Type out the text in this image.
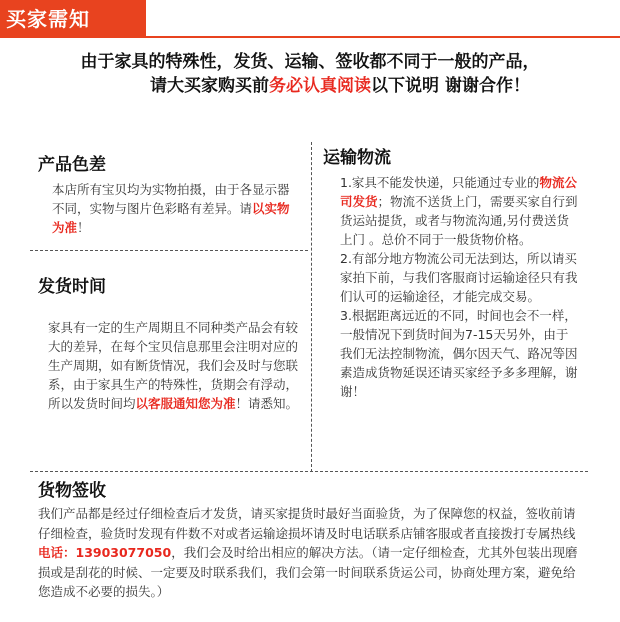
买家需知
由于家具的特殊性，发货、运输、签收都不同于一般的产品，
请大买家购买前务必认真阅读以下说明 谢谢合作！
产品色差
本店所有宝贝均为实物拍摄，由于各显示器不同，实物与图片色彩略有差异。请以实物为准！
发货时间
家具有一定的生产周期且不同种类产品会有较大的差异，在每个宝贝信息那里会注明对应的生产周期，如有断货情况，我们会及时与您联系，由于家具生产的特殊性，货期会有浮动，所以发货时间均以客服通知您为准！请悉知。
运输物流
1.家具不能发快递，只能通过专业的物流公司发货；物流不送货上门，需要买家自行到货运站提货，或者与物流沟通,另付费送货上门 。总价不同于一般货物价格。
2.有部分地方物流公司无法到达，所以请买家拍下前，与我们客服商讨运输途径只有我们认可的运输途径，才能完成交易。
3.根据距离远近的不同，时间也会不一样，一般情况下到货时间为7-15天另外，由于我们无法控制物流，偶尔因天气、路况等因素造成货物延误还请买家经予多多理解，谢谢！
货物签收
我们产品都是经过仔细检查后才发货，请买家提货时最好当面验货，为了保障您的权益，签收前请仔细检查，验货时发现有件数不对或者运输途损坏请及时电话联系店铺客服或者直接拨打专属热线电话：13903077050，我们会及时给出相应的解决方法。（请一定仔细检查，尤其外包装出现磨损或是刮花的时候、一定要及时联系我们，我们会第一时间联系货运公司，协商处理方案，避免给您造成不必要的损失。）
